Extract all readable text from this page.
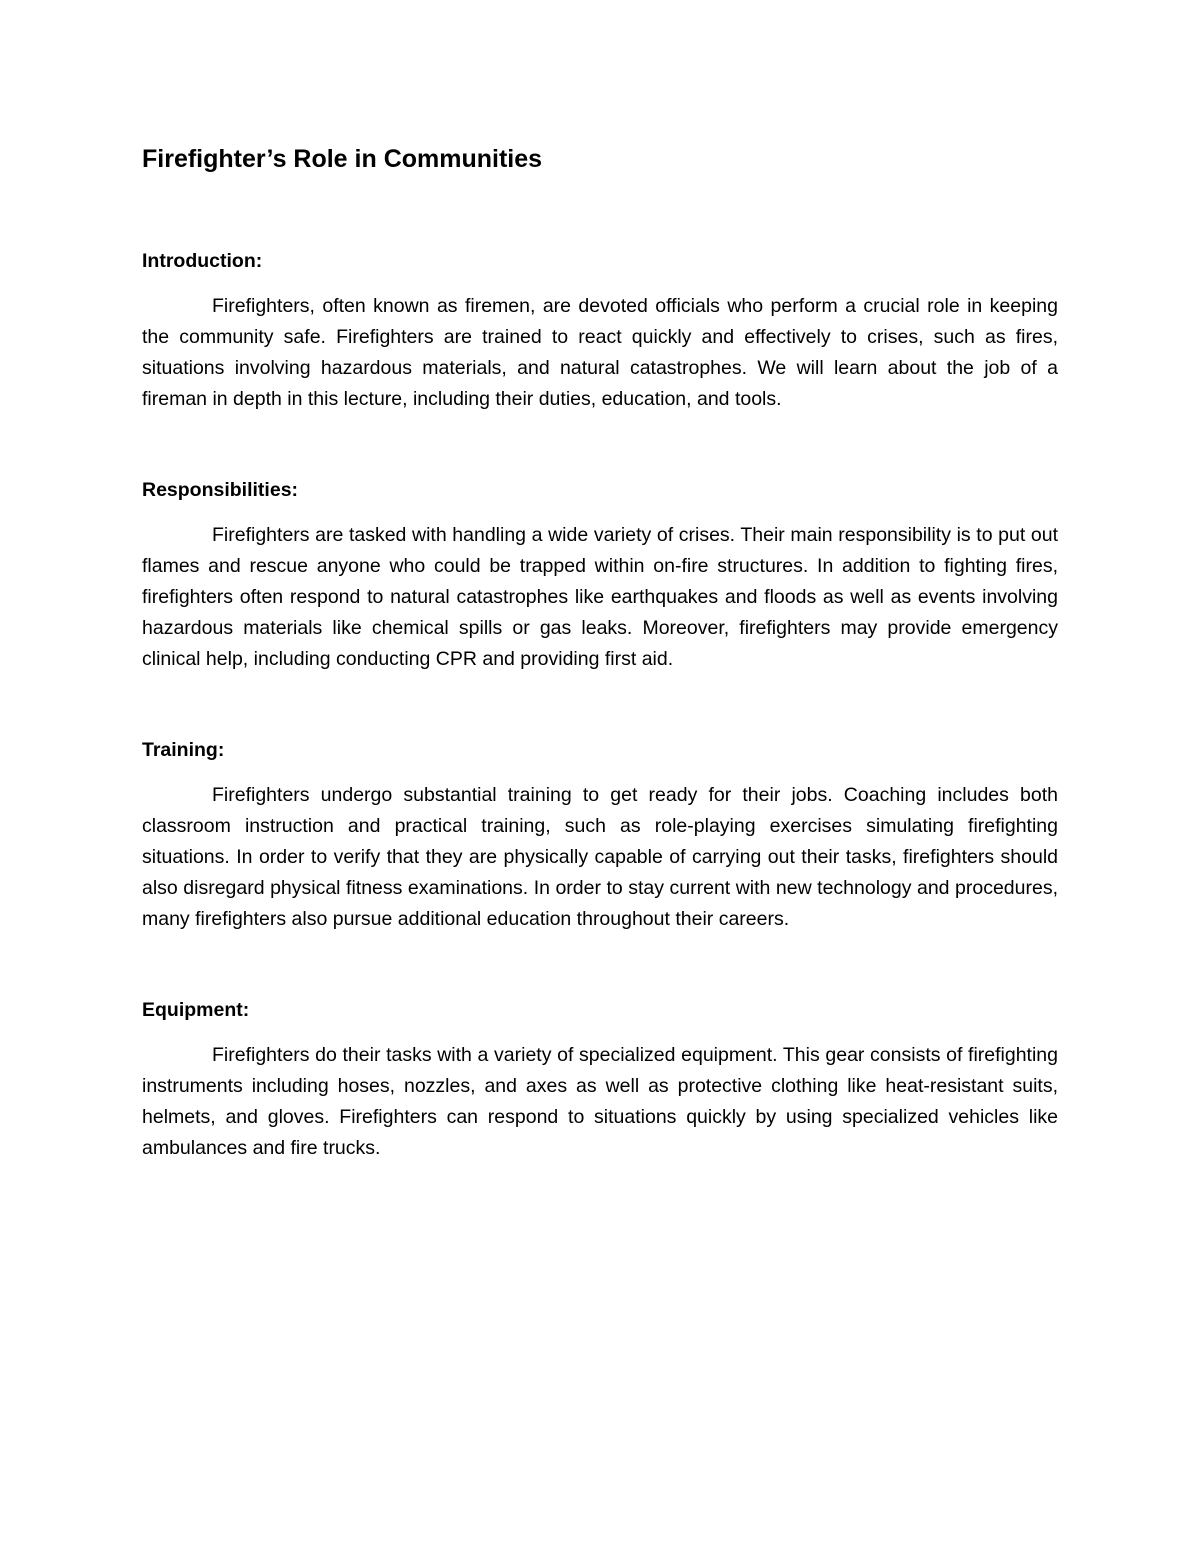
Firefighter’s Role in Communities
Introduction:

Firefighters, often known as firemen, are devoted officials who perform a crucial role in keeping the community safe. Firefighters are trained to react quickly and effectively to crises, such as fires, situations involving hazardous materials, and natural catastrophes. We will learn about the job of a fireman in depth in this lecture, including their duties, education, and tools.

Responsibilities:

Firefighters are tasked with handling a wide variety of crises. Their main responsibility is to put out flames and rescue anyone who could be trapped within on-fire structures. In addition to fighting fires, firefighters often respond to natural catastrophes like earthquakes and floods as well as events involving hazardous materials like chemical spills or gas leaks. Moreover, firefighters may provide emergency clinical help, including conducting CPR and providing first aid.

Training:

Firefighters undergo substantial training to get ready for their jobs. Coaching includes both classroom instruction and practical training, such as role-playing exercises simulating firefighting situations. In order to verify that they are physically capable of carrying out their tasks, firefighters should also disregard physical fitness examinations. In order to stay current with new technology and procedures, many firefighters also pursue additional education throughout their careers.

Equipment:

Firefighters do their tasks with a variety of specialized equipment. This gear consists of firefighting instruments including hoses, nozzles, and axes as well as protective clothing like heat-resistant suits, helmets, and gloves. Firefighters can respond to situations quickly by using specialized vehicles like ambulances and fire trucks.
